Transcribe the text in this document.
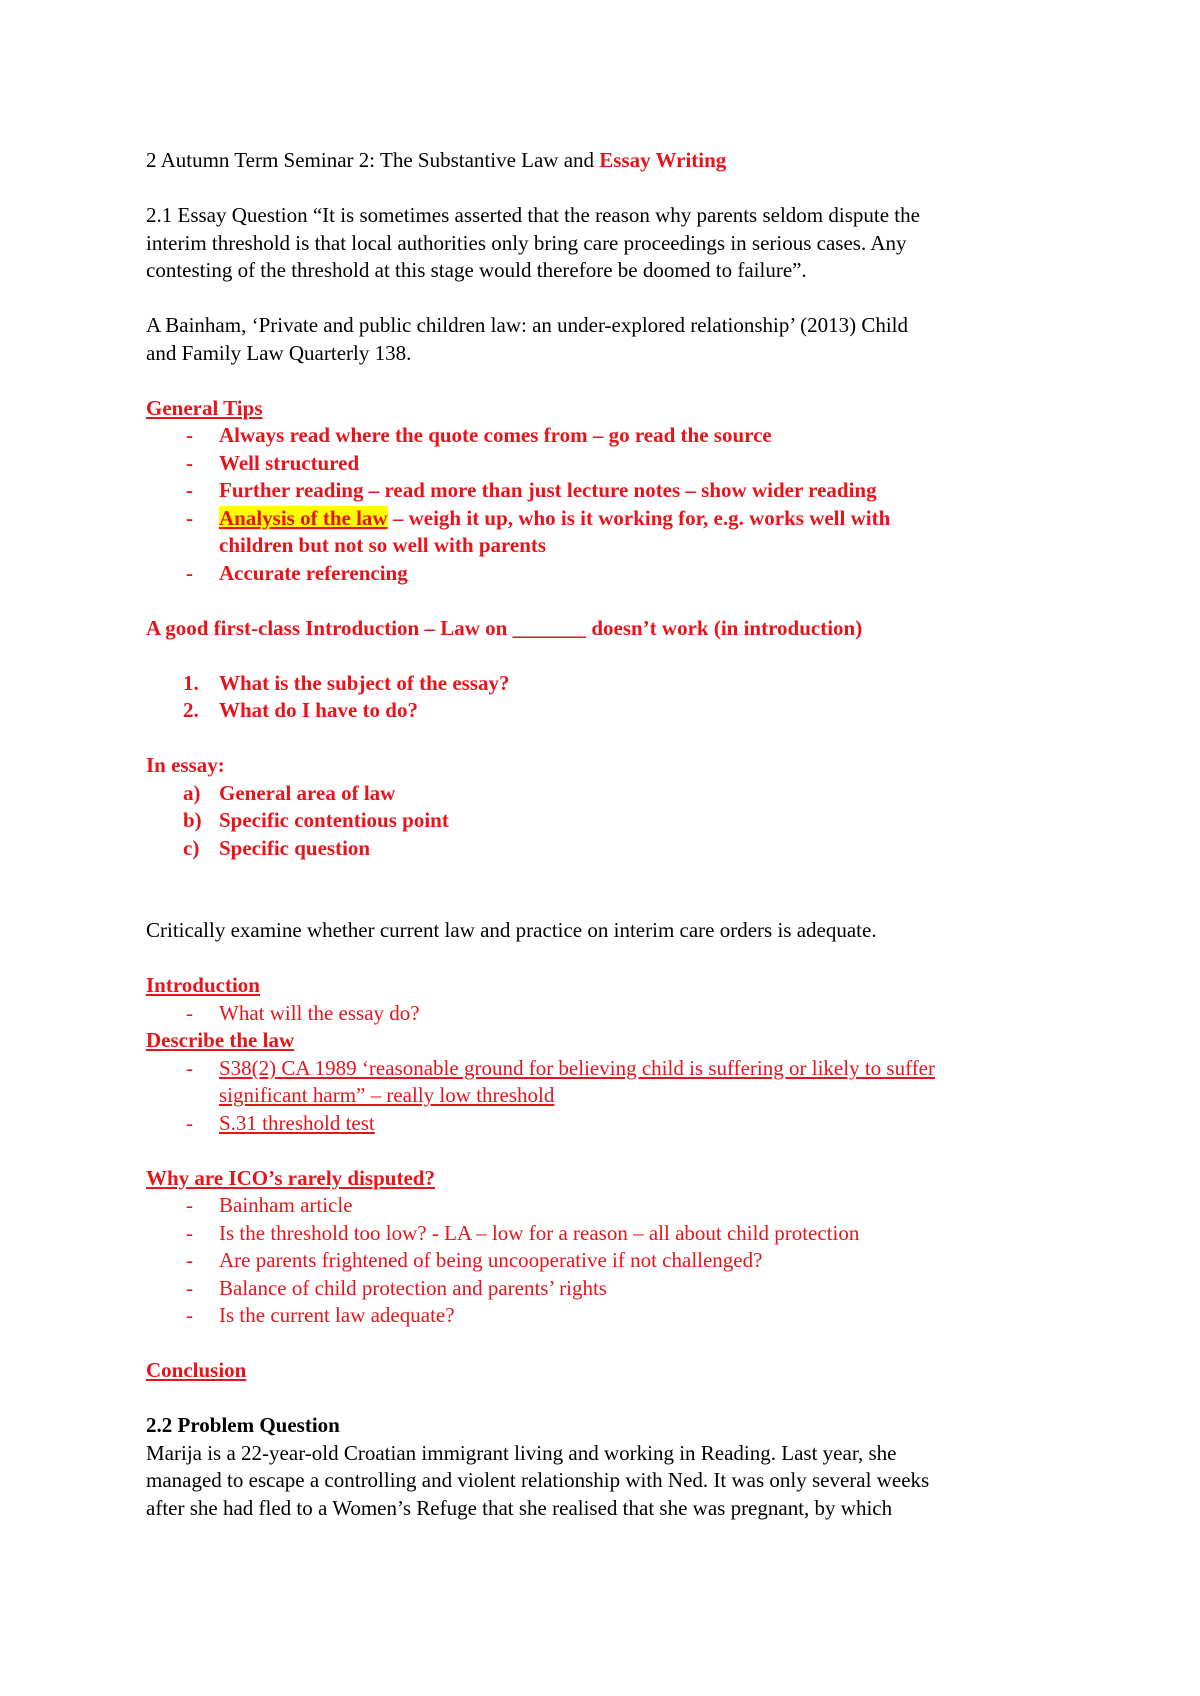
2 Autumn Term Seminar 2: The Substantive Law and Essay Writing
2.1 Essay Question “It is sometimes asserted that the reason why parents seldom dispute the
interim threshold is that local authorities only bring care proceedings in serious cases. Any
contesting of the threshold at this stage would therefore be doomed to failure”.
A Bainham, ‘Private and public children law: an under-explored relationship’ (2013) Child
and Family Law Quarterly 138.
General Tips
-	Always read where the quote comes from – go read the source
-	Well structured
-	Further reading – read more than just lecture notes – show wider reading
-	Analysis of the law – weigh it up, who is it working for, e.g. works well with
children but not so well with parents
-	Accurate referencing
A good first-class Introduction – Law on _______ doesn’t work (in introduction)
1. What is the subject of the essay?
2. What do I have to do?
In essay:
a) General area of law
b) Specific contentious point
c) Specific question
Critically examine whether current law and practice on interim care orders is adequate.
Introduction
-	What will the essay do?
Describe the law
-	S38(2) CA 1989 ‘reasonable ground for believing child is suffering or likely to suffer
significant harm” – really low threshold
-	S.31 threshold test
Why are ICO’s rarely disputed?
-	Bainham article
-	Is the threshold too low? - LA – low for a reason – all about child protection
-	Are parents frightened of being uncooperative if not challenged?
-	Balance of child protection and parents’ rights
-	Is the current law adequate?
Conclusion
2.2 Problem Question
Marija is a 22-year-old Croatian immigrant living and working in Reading. Last year, she
managed to escape a controlling and violent relationship with Ned. It was only several weeks
after she had fled to a Women’s Refuge that she realised that she was pregnant, by which
